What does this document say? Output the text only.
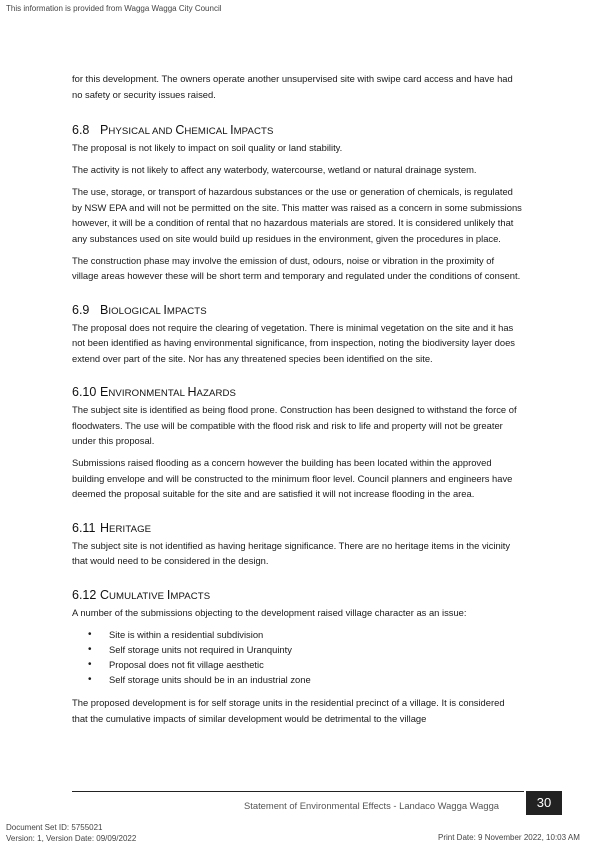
This information is provided from Wagga Wagga City Council

for this development. The owners operate another unsupervised site with swipe card access and have had no safety or security issues raised.

6.8 PHYSICAL AND CHEMICAL IMPACTS

The proposal is not likely to impact on soil quality or land stability.

The activity is not likely to affect any waterbody, watercourse, wetland or natural drainage system.

The use, storage, or transport of hazardous substances or the use or generation of chemicals, is regulated by NSW EPA and will not be permitted on the site. This matter was raised as a concern in some submissions however, it will be a condition of rental that no hazardous materials are stored. It is considered unlikely that any substances used on site would build up residues in the environment, given the procedures in place.

The construction phase may involve the emission of dust, odours, noise or vibration in the proximity of village areas however these will be short term and temporary and regulated under the conditions of consent.

6.9 BIOLOGICAL IMPACTS

The proposal does not require the clearing of vegetation. There is minimal vegetation on the site and it has not been identified as having environmental significance, from inspection, noting the biodiversity layer does extend over part of the site. Nor has any threatened species been identified on the site.

6.10 ENVIRONMENTAL HAZARDS

The subject site is identified as being flood prone. Construction has been designed to withstand the force of floodwaters. The use will be compatible with the flood risk and risk to life and property will not be greater under this proposal.

Submissions raised flooding as a concern however the building has been located within the approved building envelope and will be constructed to the minimum floor level. Council planners and engineers have deemed the proposal suitable for the site and are satisfied it will not increase flooding in the area.

6.11 HERITAGE

The subject site is not identified as having heritage significance. There are no heritage items in the vicinity that would need to be considered in the design.

6.12 CUMULATIVE IMPACTS

A number of the submissions objecting to the development raised village character as an issue:

• Site is within a residential subdivision
• Self storage units not required in Uranquinty
• Proposal does not fit village aesthetic
• Self storage units should be in an industrial zone

The proposed development is for self storage units in the residential precinct of a village. It is considered that the cumulative impacts of similar development would be detrimental to the village

Statement of Environmental Effects - Landaco Wagga Wagga	30
Document Set ID: 5755021
Version: 1, Version Date: 09/09/2022	Print Date: 9 November 2022, 10:03 AM
